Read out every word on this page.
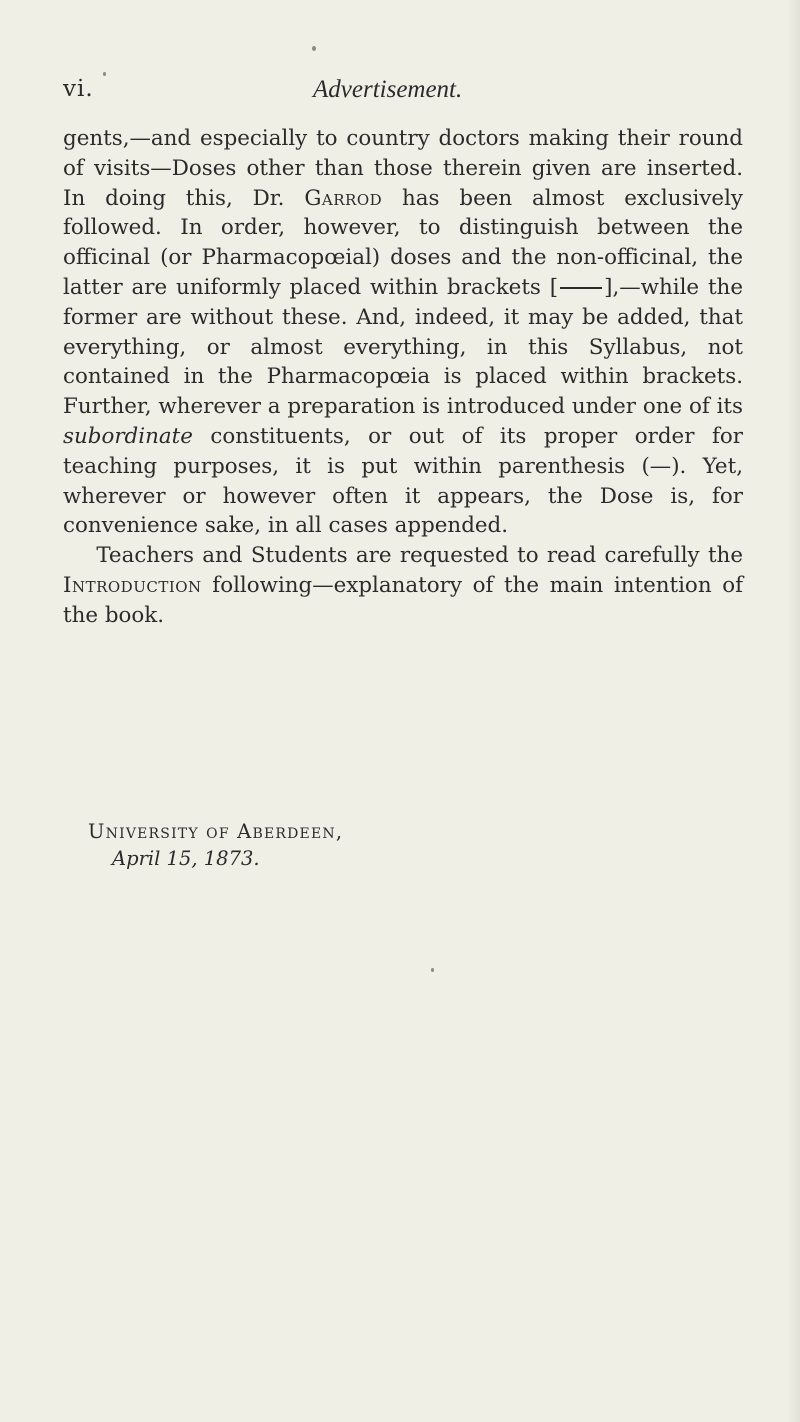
vi.	Advertisement.

gents,—and especially to country doctors making their round of visits—Doses other than those therein given are inserted. In doing this, Dr. Garrod has been almost exclusively followed. In order, however, to distinguish between the officinal (or Pharmacopœial) doses and the non-officinal, the latter are uniformly placed within brackets [ ],—while the former are without these. And, indeed, it may be added, that everything, or almost everything, in this Syllabus, not contained in the Pharmacopœia is placed within brackets. Further, wherever a preparation is introduced under one of its subordinate constituents, or out of its proper order for teaching purposes, it is put within parenthesis (—). Yet, wherever or however often it appears, the Dose is, for convenience sake, in all cases appended.

Teachers and Students are requested to read carefully the Introduction following—explanatory of the main intention of the book.

University of Aberdeen,
April 15, 1873.
